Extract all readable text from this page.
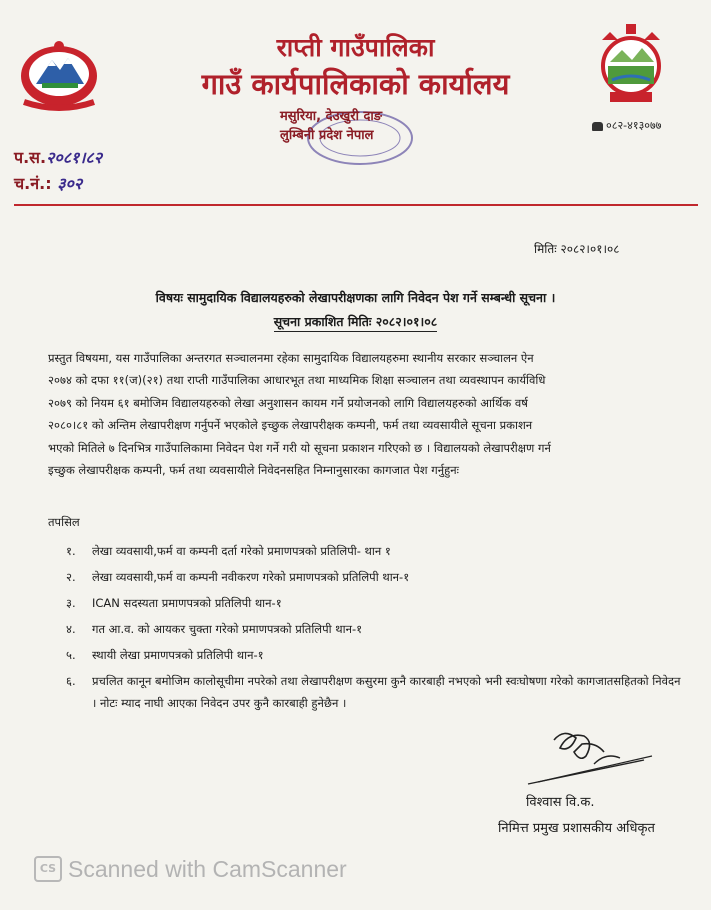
राप्ती गाउँपालिका
गाउँ कार्यपालिकाको कार्यालय
मसुरिया, देउखुरी दाङ
लुम्बिनी प्रदेश नेपाल
०८२-४१३०७७
प.स.२०८१।८२
च.नं.: ३०२
मितिः २०८२।०१।०८
विषयः सामुदायिक विद्यालयहरुको लेखापरीक्षणका लागि निवेदन पेश गर्ने सम्बन्धी सूचना ।
सूचना प्रकाशित मितिः २०८२।०१।०८
प्रस्तुत विषयमा, यस गाउँपालिका अन्तरगत सञ्चालनमा रहेका सामुदायिक विद्यालयहरुमा स्थानीय सरकार सञ्चालन ऐन
२०७४ को दफा ११(ज)(२१) तथा राप्ती गाउँपालिका आधारभूत तथा माध्यमिक शिक्षा सञ्चालन तथा व्यवस्थापन कार्यविधि
२०७९ को नियम ६१ बमोजिम विद्यालयहरुको लेखा अनुशासन कायम गर्ने प्रयोजनको लागि विद्यालयहरुको आर्थिक वर्ष
२०८०।८१ को अन्तिम लेखापरीक्षण गर्नुपर्ने भएकोले इच्छुक लेखापरीक्षक कम्पनी, फर्म तथा व्यवसायीले सूचना प्रकाशन
भएको मितिले ७ दिनभित्र गाउँपालिकामा निवेदन पेश गर्ने गरी यो सूचना प्रकाशन गरिएको छ । विद्यालयको लेखापरीक्षण गर्न
इच्छुक लेखापरीक्षक कम्पनी, फर्म तथा व्यवसायीले निवेदनसहित निम्नानुसारका कागजात पेश गर्नुहुनः
तपसिल
१.	लेखा व्यवसायी,फर्म वा कम्पनी दर्ता गरेको प्रमाणपत्रको प्रतिलिपी- थान १
२.	लेखा व्यवसायी,फर्म वा कम्पनी नवीकरण गरेको प्रमाणपत्रको प्रतिलिपी थान-१
३.	ICAN सदस्यता प्रमाणपत्रको प्रतिलिपी थान-१
४.	गत आ.व. को आयकर चुक्ता गरेको प्रमाणपत्रको प्रतिलिपी थान-१
५.	स्थायी लेखा प्रमाणपत्रको प्रतिलिपी थान-१
६.	प्रचलित कानून बमोजिम कालोसूचीमा नपरेको तथा लेखापरीक्षण कसुरमा कुनै कारबाही नभएको भनी स्वःघोषणा गरेको कागजातसहितको निवेदन । नोटः म्याद नाघी आएका निवेदन उपर कुनै कारबाही हुनेछैन ।
विश्वास वि.क.
निमित्त प्रमुख प्रशासकीय अधिकृत
CS Scanned with CamScanner
